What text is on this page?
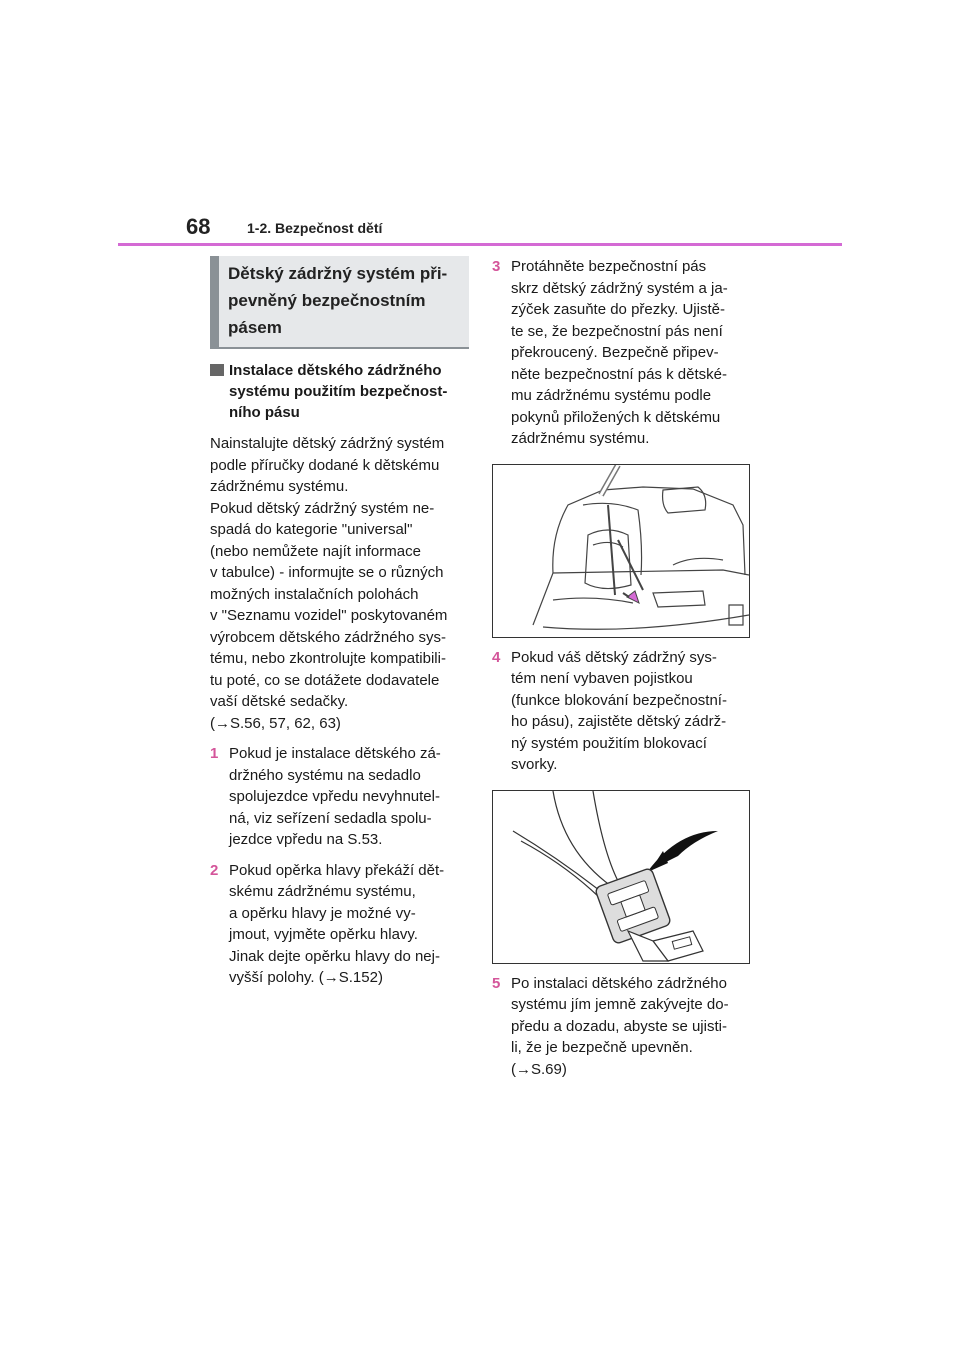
68	1-2. Bezpečnost dětí
Dětský zádržný systém při-
pevněný bezpečnostním
pásem
Instalace dětského zádržného
systému použitím bezpečnost-
ního pásu
Nainstalujte dětský zádržný systém
podle příručky dodané k dětskému
zádržnému systému.
Pokud dětský zádržný systém ne-
spadá do kategorie "universal"
(nebo nemůžete najít informace
v tabulce) - informujte se o různých
možných instalačních polohách
v "Seznamu vozidel" poskytovaném
výrobcem dětského zádržného sys-
tému, nebo zkontrolujte kompatibili-
tu poté, co se dotážete dodavatele
vaší dětské sedačky.
(→S.56, 57, 62, 63)
1 Pokud je instalace dětského zá-
držného systému na sedadlo
spolujezdce vpředu nevyhnutel-
ná, viz seřízení sedadla spolu-
jezdce vpředu na S.53.
2 Pokud opěrka hlavy překáží dět-
skému zádržnému systému,
a opěrku hlavy je možné vy-
jmout, vyjměte opěrku hlavy.
Jinak dejte opěrku hlavy do nej-
vyšší polohy. (→S.152)
3 Protáhněte bezpečnostní pás
skrz dětský zádržný systém a ja-
zýček zasuňte do přezky. Ujistě-
te se, že bezpečnostní pás není
překroucený. Bezpečně připev-
něte bezpečnostní pás k dětské-
mu zádržnému systému podle
pokynů přiložených k dětskému
zádržnému systému.
4 Pokud váš dětský zádržný sys-
tém není vybaven pojistkou
(funkce blokování bezpečnostní-
ho pásu), zajistěte dětský zádrž-
ný systém použitím blokovací
svorky.
5 Po instalaci dětského zádržného
systému jím jemně zakývejte do-
předu a dozadu, abyste se ujisti-
li, že je bezpečně upevněn.
(→S.69)
